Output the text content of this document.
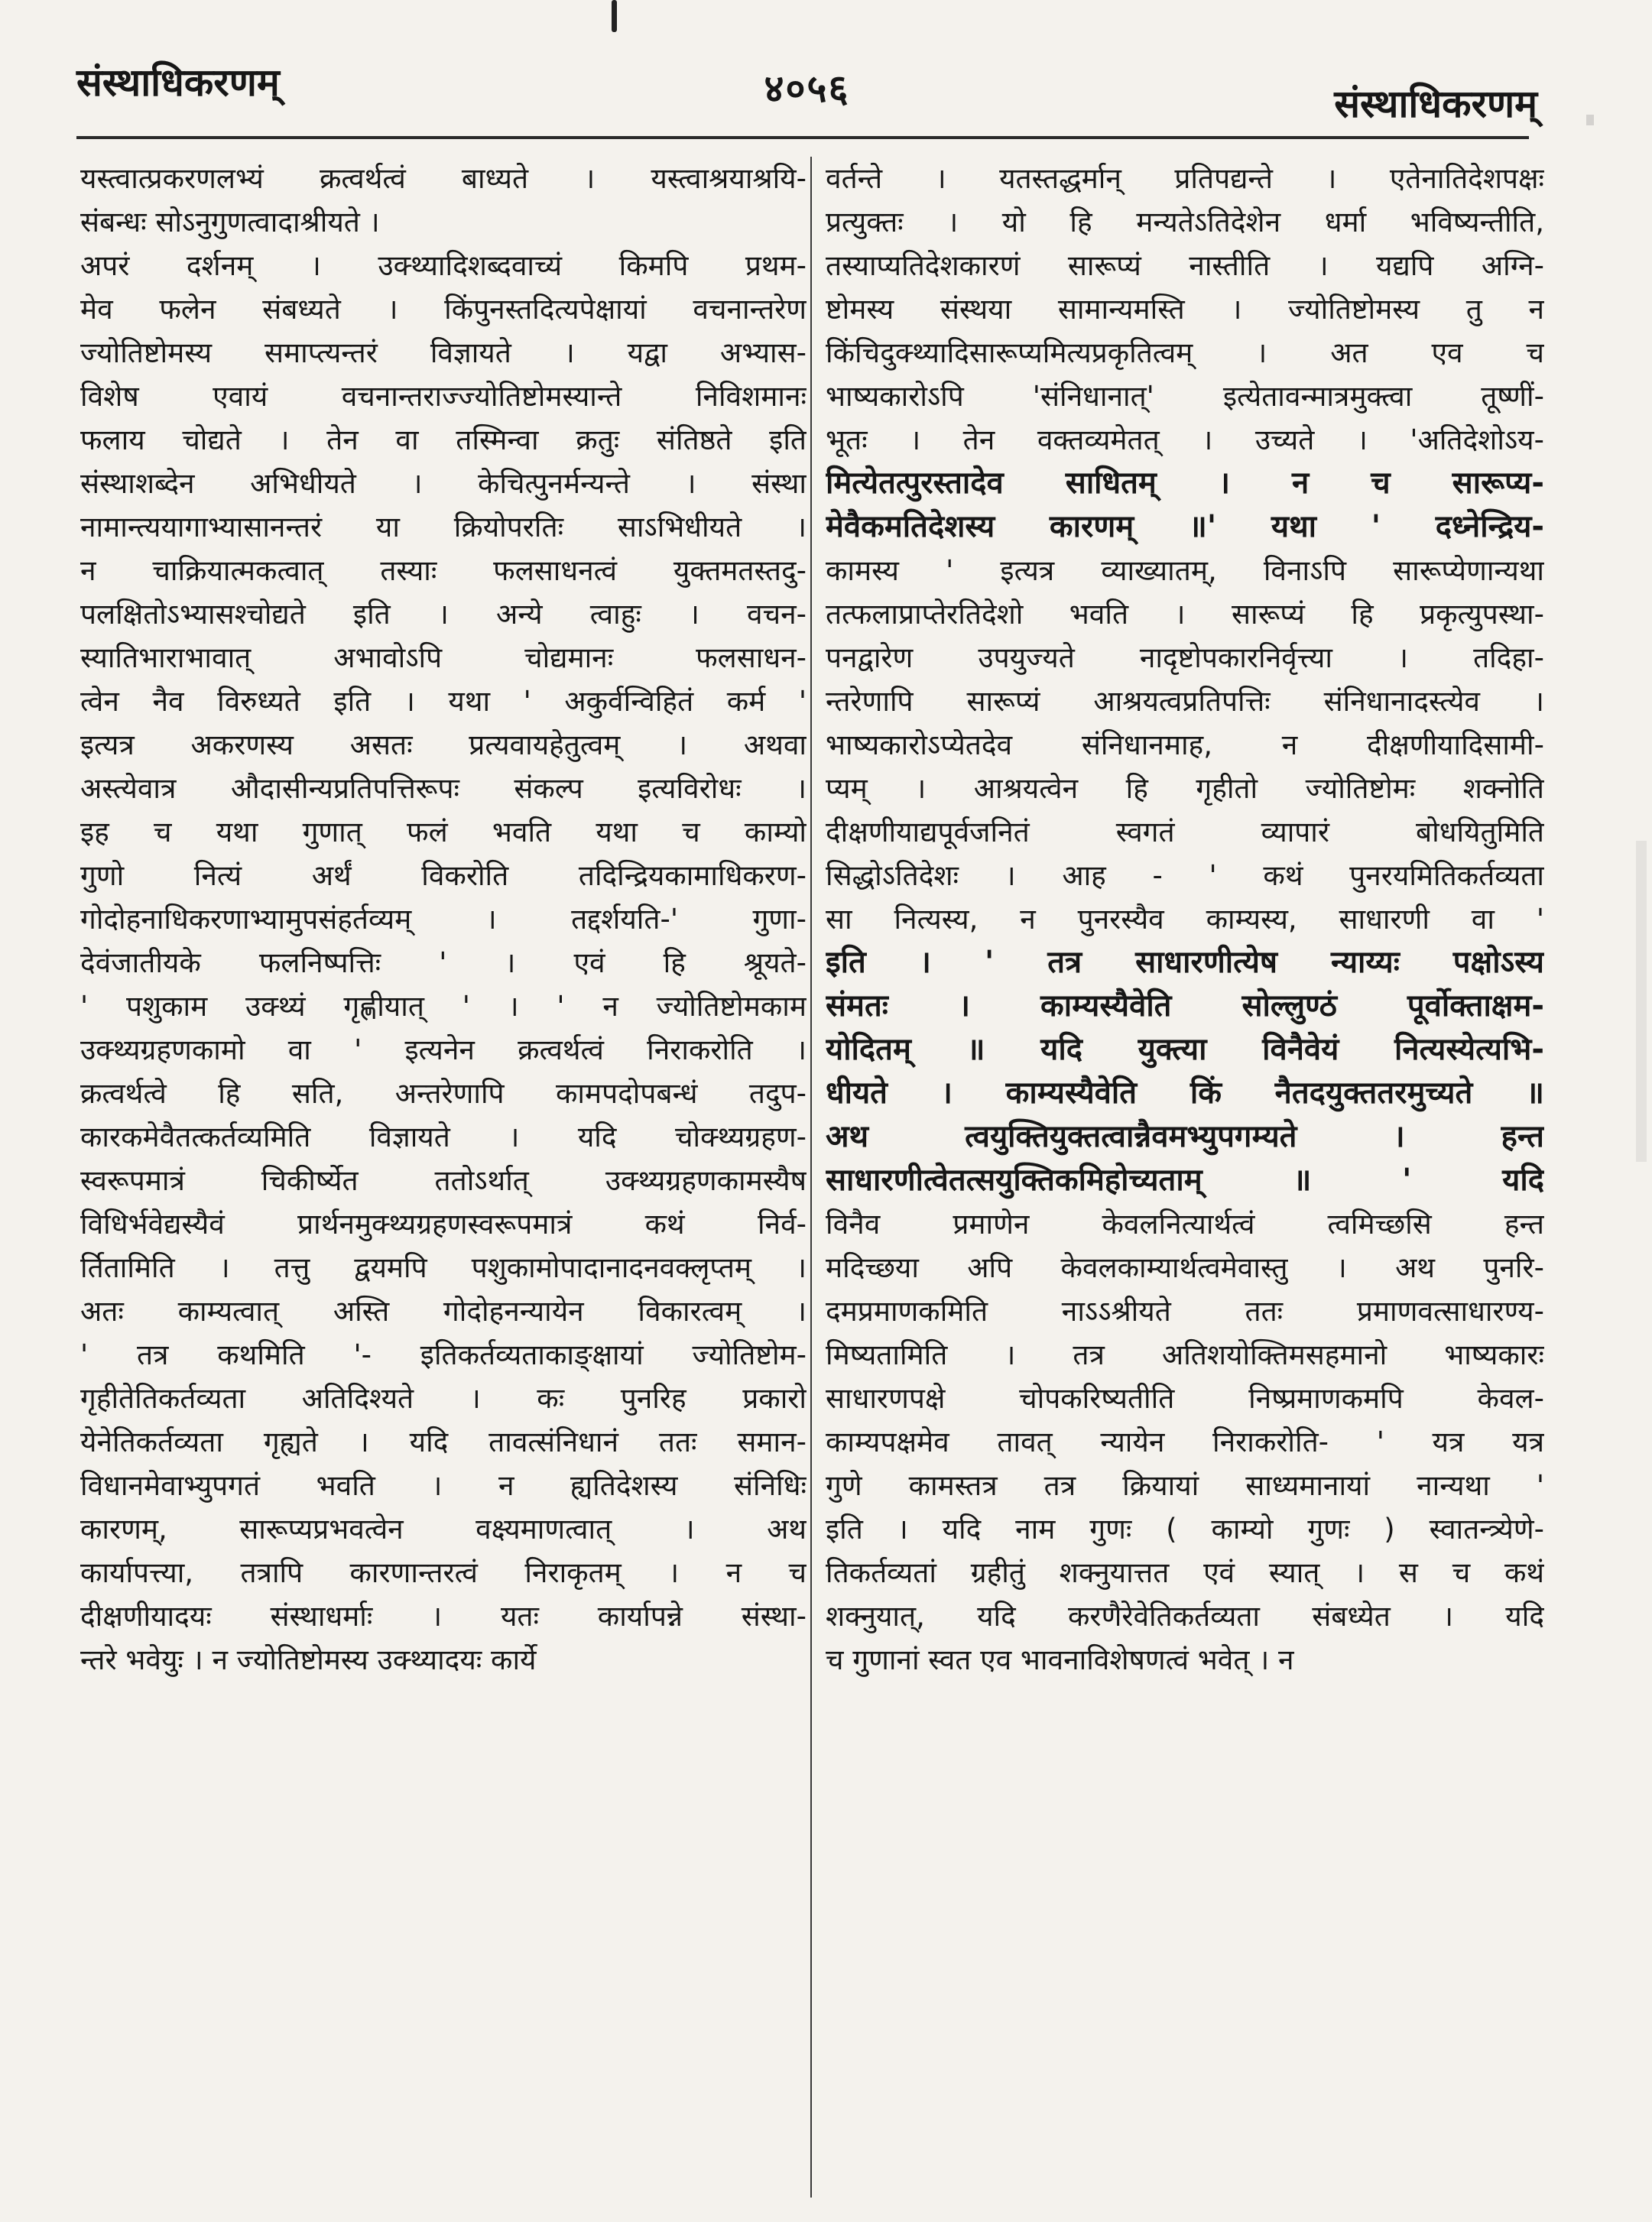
संस्थाधिकरणम्	४०५६	संस्थाधिकरणम्
यस्त्वात्प्रकरणलभ्यं क्रत्वर्थत्वं बाध्यते । यस्त्वाश्रयाश्रयि-
संबन्धः सोऽनुगुणत्वादाश्रीयते ।
अपरं दर्शनम् । उक्थ्यादिशब्दवाच्यं किमपि प्रथम-
मेव फलेन संबध्यते । किंपुनस्तदित्यपेक्षायां वचनान्तरेण
ज्योतिष्टोमस्य समाप्त्यन्तरं विज्ञायते । यद्वा अभ्यास-
विशेष एवायं वचनान्तराज्ज्योतिष्टोमस्यान्ते निविशमानः
फलाय चोद्यते । तेन वा तस्मिन्वा क्रतुः संतिष्ठते इति
संस्थाशब्देन अभिधीयते । केचित्पुनर्मन्यन्ते । संस्था
नामान्त्ययागाभ्यासानन्तरं या क्रियोपरतिः साऽभिधीयते ।
न चाक्रियात्मकत्वात् तस्याः फलसाधनत्वं युक्तमतस्तदु-
पलक्षितोऽभ्यासश्चोद्यते इति । अन्ये त्वाहुः । वचन-
स्यातिभाराभावात् अभावोऽपि चोद्यमानः फलसाधन-
त्वेन नैव विरुध्यते इति । यथा ' अकुर्वन्विहितं कर्म '
इत्यत्र अकरणस्य असतः प्रत्यवायहेतुत्वम् । अथवा
अस्त्येवात्र औदासीन्यप्रतिपत्तिरूपः संकल्प इत्यविरोधः ।
इह च यथा गुणात् फलं भवति यथा च काम्यो
गुणो नित्यं अर्थं विकरोति तदिन्द्रियकामाधिकरण-
गोदोहनाधिकरणाभ्यामुपसंहर्तव्यम् । तद्दर्शयति-' गुणा-
देवंजातीयके फलनिष्पत्तिः ' । एवं हि श्रूयते-
' पशुकाम उक्थ्यं गृह्णीयात् ' । ' न ज्योतिष्टोमकाम
उक्थ्यग्रहणकामो वा ' इत्यनेन क्रत्वर्थत्वं निराकरोति ।
क्रत्वर्थत्वे हि सति, अन्तरेणापि कामपदोपबन्धं तदुप-
कारकमेवैतत्कर्तव्यमिति विज्ञायते । यदि चोक्थ्यग्रहण-
स्वरूपमात्रं चिकीर्ष्येत ततोऽर्थात् उक्थ्यग्रहणकामस्यैष
विधिर्भवेद्यस्यैवं प्रार्थनमुक्थ्यग्रहणस्वरूपमात्रं कथं निर्व-
र्तितामिति । तत्तु द्वयमपि पशुकामोपादानादनवक्लृप्तम् ।
अतः काम्यत्वात् अस्ति गोदोहनन्यायेन विकारत्वम् ।
' तत्र कथमिति '- इतिकर्तव्यताकाङ्क्षायां ज्योतिष्टोम-
गृहीतेतिकर्तव्यता अतिदिश्यते । कः पुनरिह प्रकारो
येनेतिकर्तव्यता गृह्यते । यदि तावत्संनिधानं ततः समान-
विधानमेवाभ्युपगतं भवति । न ह्यतिदेशस्य संनिधिः
कारणम्, सारूप्यप्रभवत्वेन वक्ष्यमाणत्वात् । अथ
कार्यापत्त्या, तत्रापि कारणान्तरत्वं निराकृतम् । न च
दीक्षणीयादयः संस्थाधर्माः । यतः कार्यापन्ने संस्था-
न्तरे भवेयुः । न ज्योतिष्टोमस्य उक्थ्यादयः कार्ये
वर्तन्ते । यतस्तद्धर्मान् प्रतिपद्यन्ते । एतेनातिदेशपक्षः
प्रत्युक्तः । यो हि मन्यतेऽतिदेशेन धर्मा भविष्यन्तीति,
तस्याप्यतिदेशकारणं सारूप्यं नास्तीति । यद्यपि अग्नि-
ष्टोमस्य संस्थया सामान्यमस्ति । ज्योतिष्टोमस्य तु न
किंचिदुक्थ्यादिसारूप्यमित्यप्रकृतित्वम् । अत एव च
भाष्यकारोऽपि 'संनिधानात्' इत्येतावन्मात्रमुक्त्वा तूष्णीं-
भूतः । तेन वक्तव्यमेतत् । उच्यते । 'अतिदेशोऽय-
मित्येतत्पुरस्तादेव साधितम् । न च सारूप्य-
मेवैकमतिदेशस्य कारणम् ॥' यथा ' दध्नेन्द्रिय-
कामस्य ' इत्यत्र व्याख्यातम्, विनाऽपि सारूप्येणान्यथा
तत्फलाप्राप्तेरतिदेशो भवति । सारूप्यं हि प्रकृत्युपस्था-
पनद्वारेण उपयुज्यते नादृष्टोपकारनिर्वृत्त्या । तदिहा-
न्तरेणापि सारूप्यं आश्रयत्वप्रतिपत्तिः संनिधानादस्त्येव ।
भाष्यकारोऽप्येतदेव संनिधानमाह, न दीक्षणीयादिसामी-
प्यम् । आश्रयत्वेन हि गृहीतो ज्योतिष्टोमः शक्नोति
दीक्षणीयाद्यपूर्वजनितं स्वगतं व्यापारं बोधयितुमिति
सिद्धोऽतिदेशः । आह - ' कथं पुनरयमितिकर्तव्यता
सा नित्यस्य, न पुनरस्यैव काम्यस्य, साधारणी वा '
इति । ' तत्र साधारणीत्येष न्याय्यः पक्षोऽस्य
संमतः । काम्यस्यैवेति सोल्लुण्ठं पूर्वोक्ताक्षम-
योदितम् ॥ यदि युक्त्या विनैवेयं नित्यस्येत्यभि-
धीयते । काम्यस्यैवेति किं नैतदयुक्ततरमुच्यते ॥
अथ त्वयुक्तियुक्तत्वान्नैवमभ्युपगम्यते । हन्त
साधारणीत्वेतत्सयुक्तिकमिहोच्यताम् ॥ ' यदि
विनैव प्रमाणेन केवलनित्यार्थत्वं त्वमिच्छसि हन्त
मदिच्छया अपि केवलकाम्यार्थत्वमेवास्तु । अथ पुनरि-
दमप्रमाणकमिति नाऽऽश्रीयते ततः प्रमाणवत्साधारण्य-
मिष्यतामिति । तत्र अतिशयोक्तिमसहमानो भाष्यकारः
साधारणपक्षे चोपकरिष्यतीति निष्प्रमाणकमपि केवल-
काम्यपक्षमेव तावत् न्यायेन निराकरोति- ' यत्र यत्र
गुणे कामस्तत्र तत्र क्रियायां साध्यमानायां नान्यथा '
इति । यदि नाम गुणः ( काम्यो गुणः ) स्वातन्त्र्येणे-
तिकर्तव्यतां ग्रहीतुं शक्नुयात्तत एवं स्यात् । स च कथं
शक्नुयात्, यदि करणैरेवेतिकर्तव्यता संबध्येत । यदि
च गुणानां स्वत एव भावनाविशेषणत्वं भवेत् । न
